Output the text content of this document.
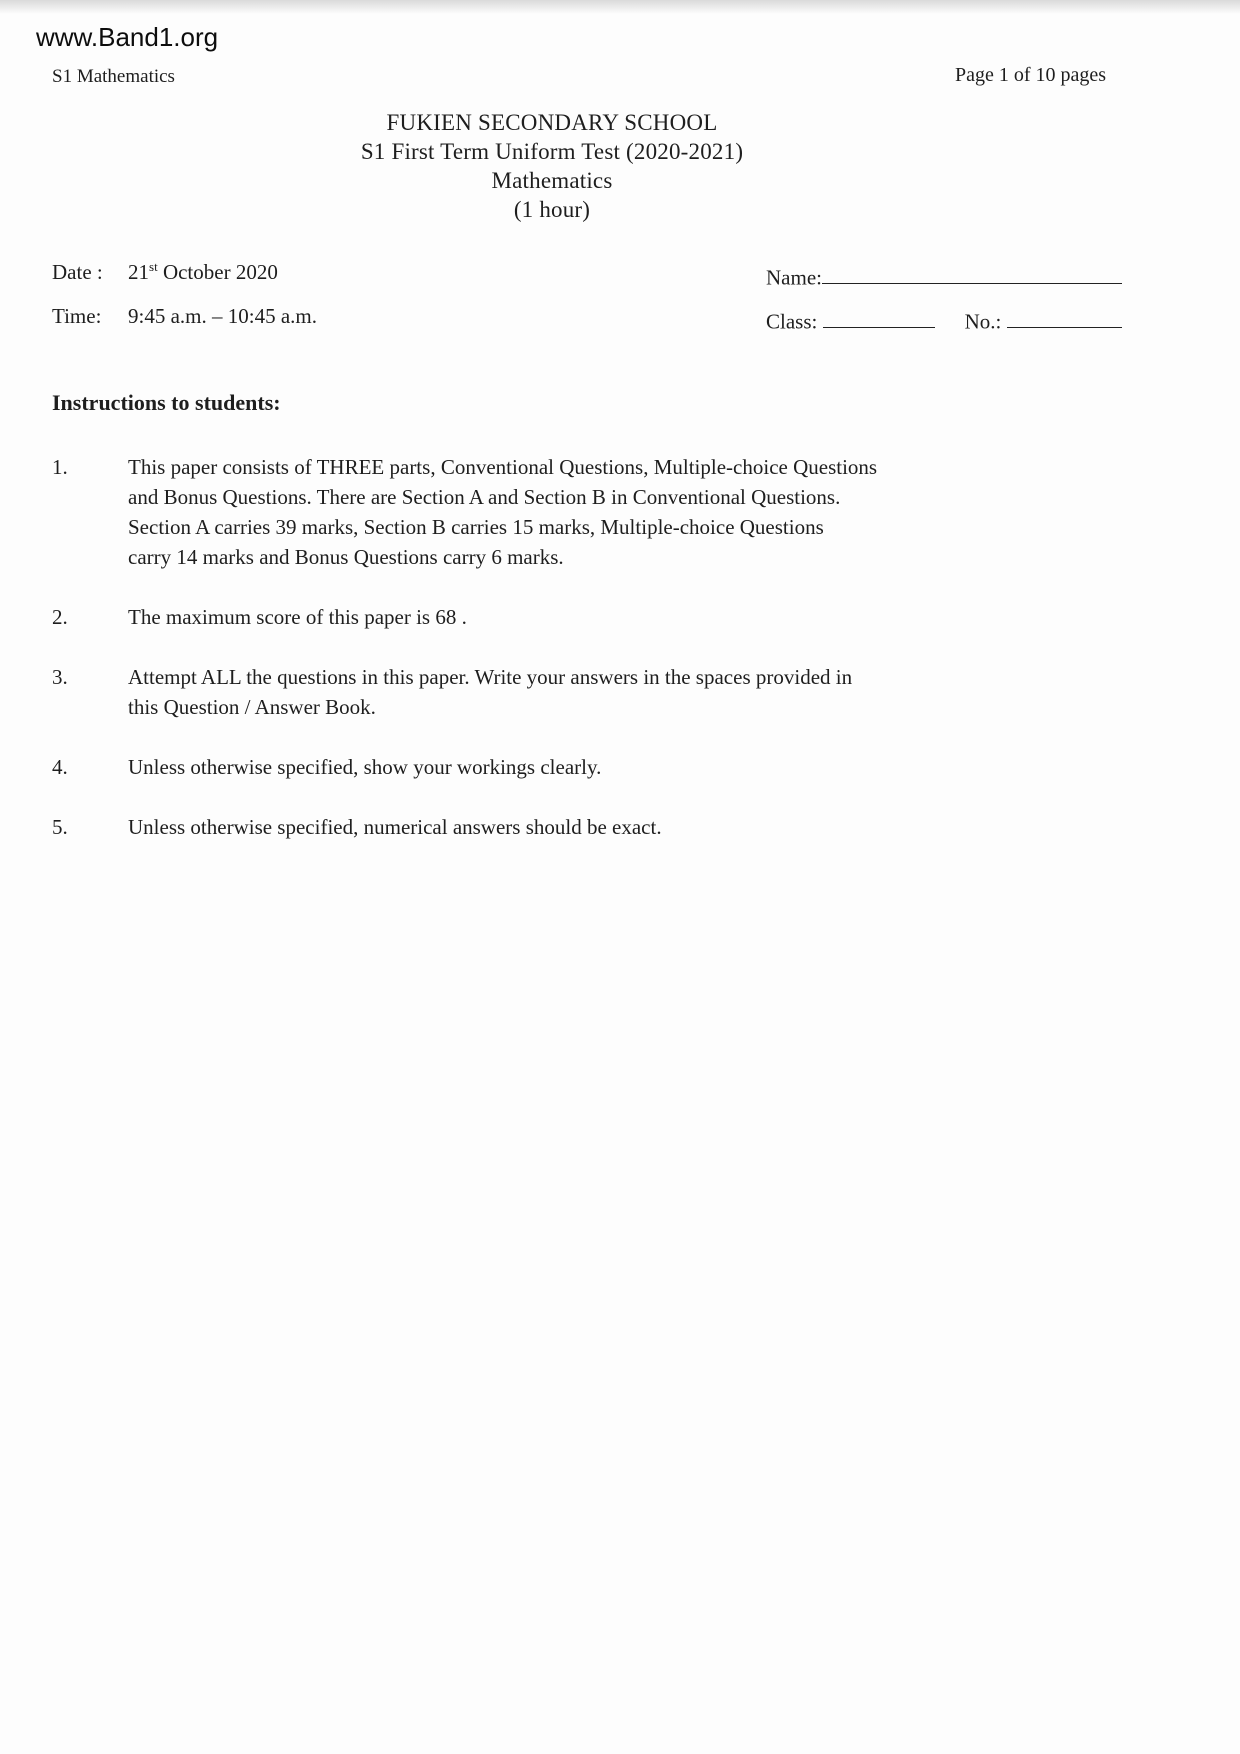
www.Band1.org
S1 Mathematics	Page 1 of 10 pages
FUKIEN SECONDARY SCHOOL
S1 First Term Uniform Test (2020-2021)
Mathematics
(1 hour)
Date : 21st October 2020
Time: 9:45 a.m. – 10:45 a.m.
Name:
Class:	No.:

Instructions to students:

1.	This paper consists of THREE parts, Conventional Questions, Multiple-choice Questions
and Bonus Questions. There are Section A and Section B in Conventional Questions.
Section A carries 39 marks, Section B carries 15 marks, Multiple-choice Questions
carry 14 marks and Bonus Questions carry 6 marks.
2.	The maximum score of this paper is 68 .
3.	Attempt ALL the questions in this paper. Write your answers in the spaces provided in
this Question / Answer Book.
4.	Unless otherwise specified, show your workings clearly.
5.	Unless otherwise specified, numerical answers should be exact.
